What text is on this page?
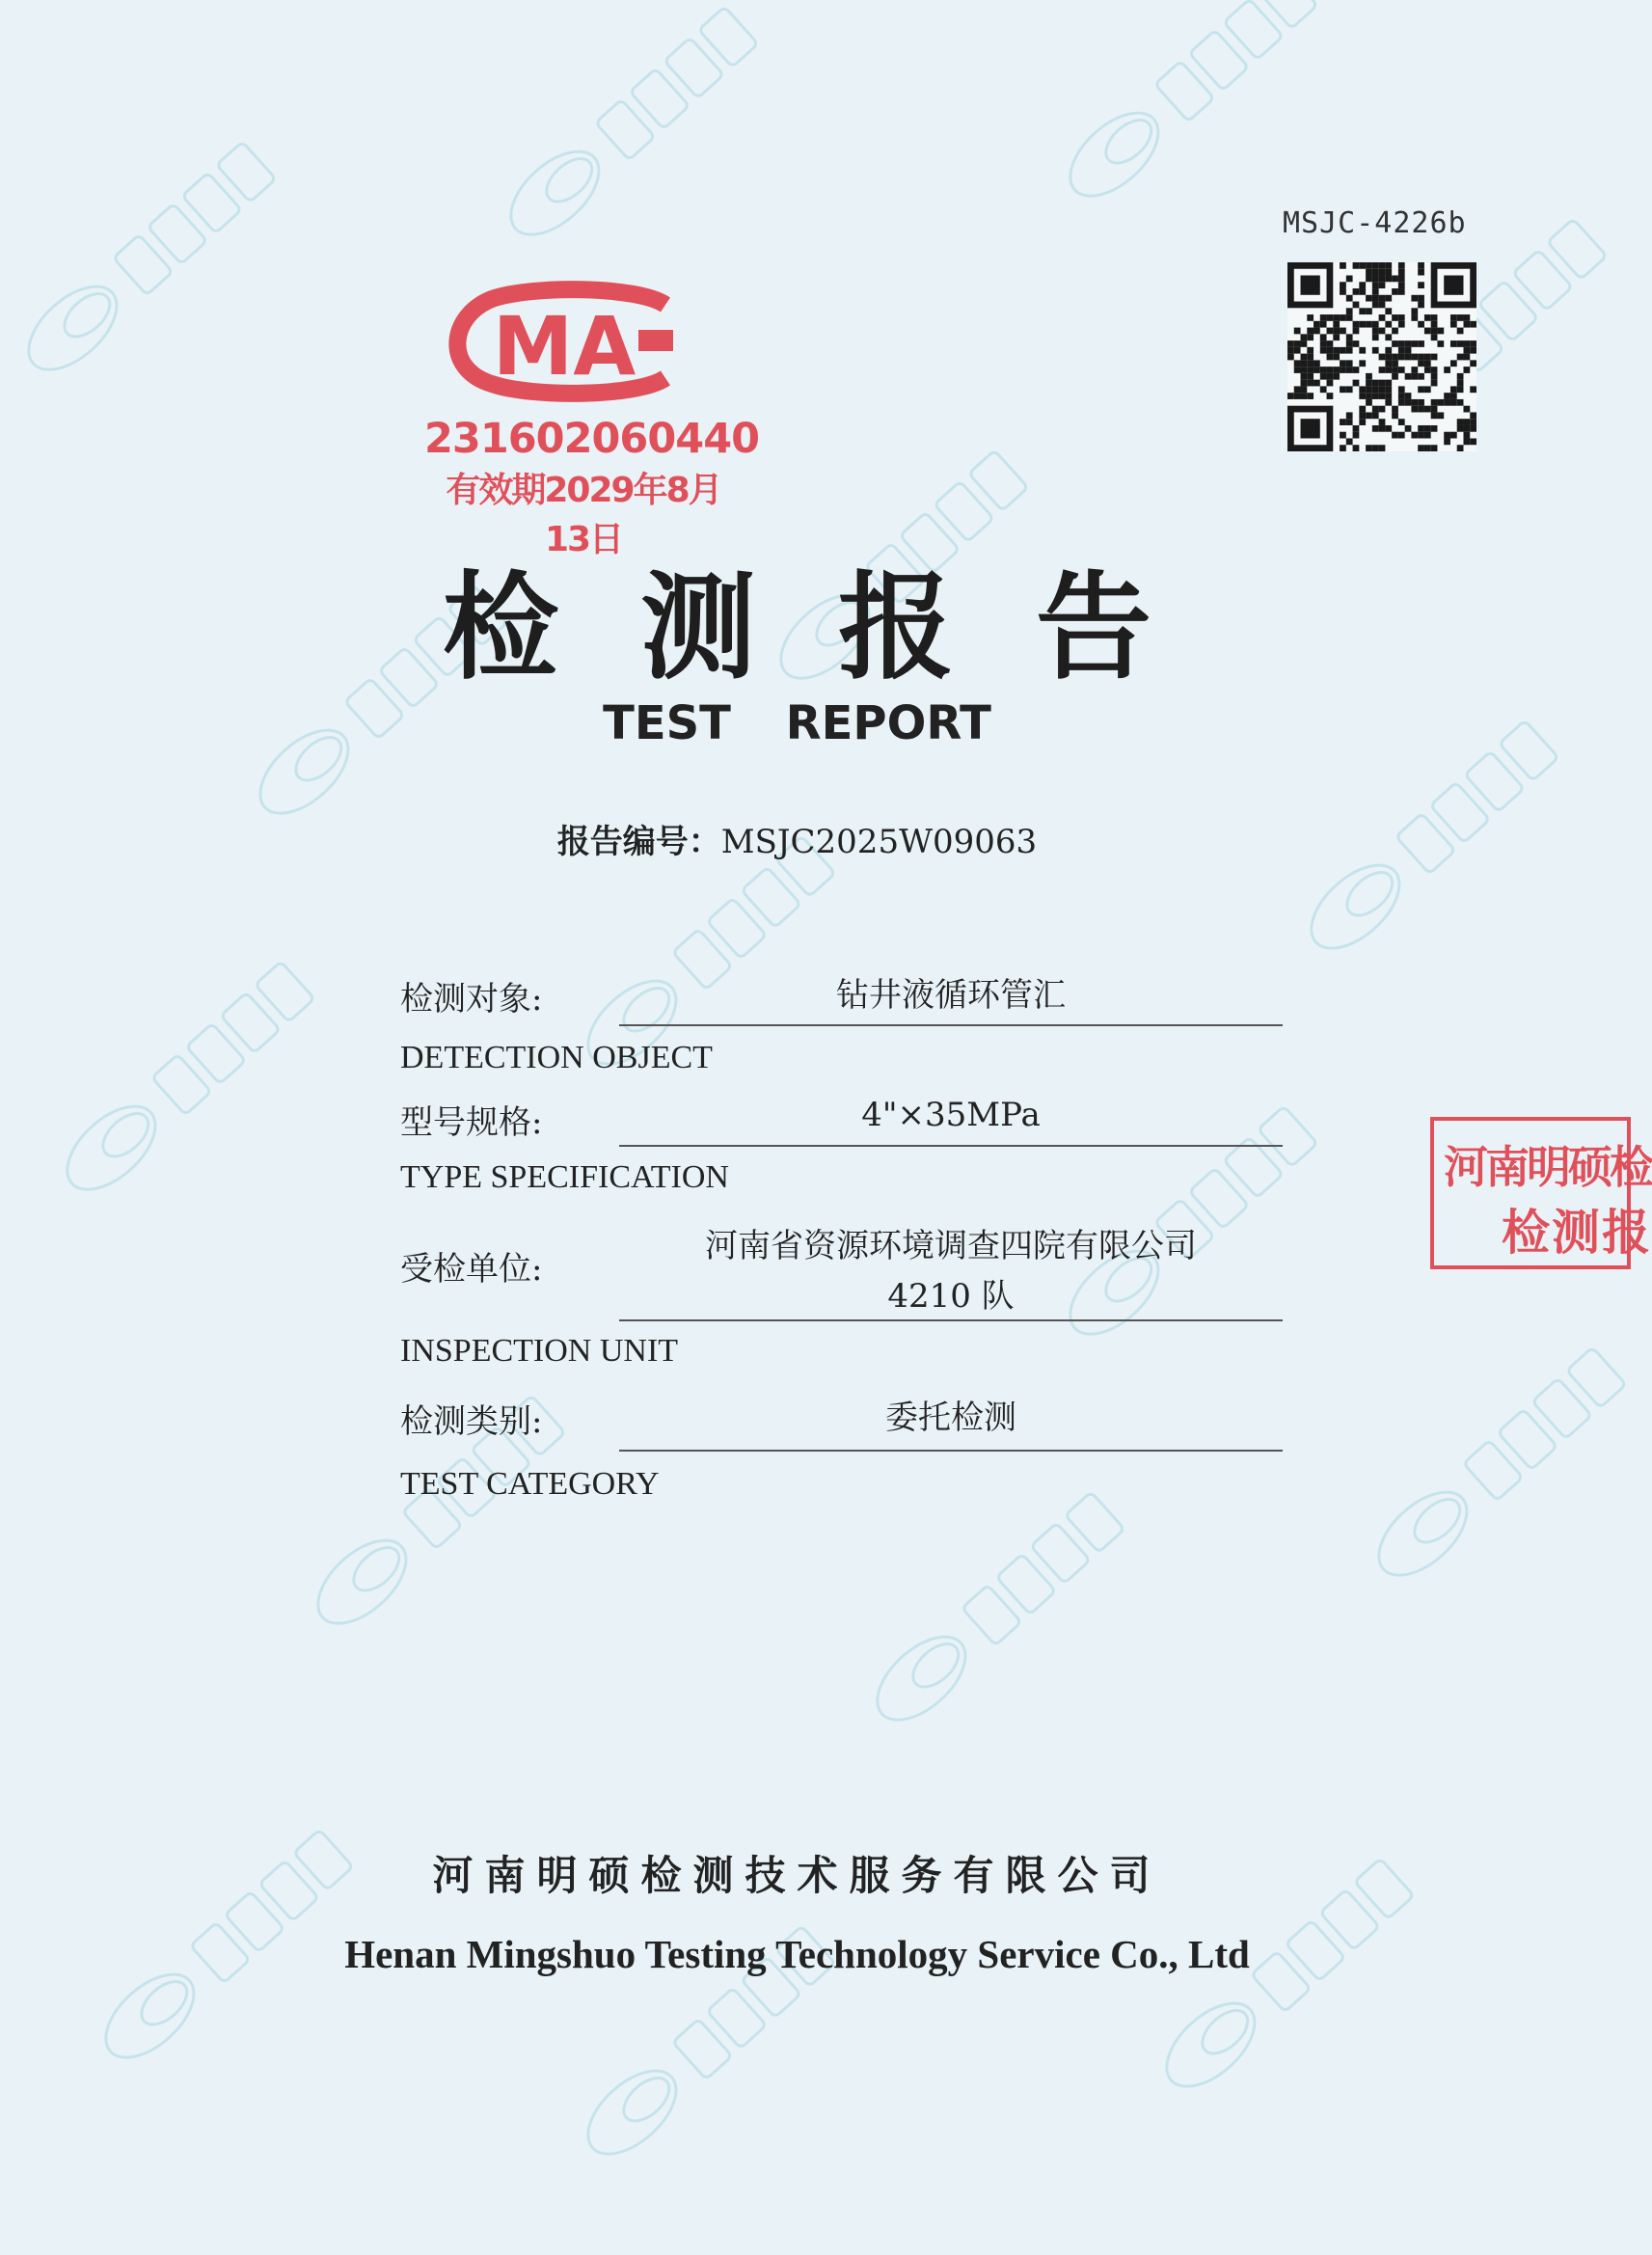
MSJC-4226b
MA
231602060440
有效期2029年8月13日
检测报告
TEST REPORT
报告编号：MSJC2025W09063
检测对象:	钻井液循环管汇
DETECTION OBJECT
型号规格:	4"×35MPa
TYPE SPECIFICATION
受检单位:
河南省资源环境调查四院有限公司
4210 队
INSPECTION UNIT
检测类别:	委托检测
TEST CATEGORY
河南明硕检
检测报
河南明硕检测技术服务有限公司
Henan Mingshuo Testing Technology Service Co., Ltd
